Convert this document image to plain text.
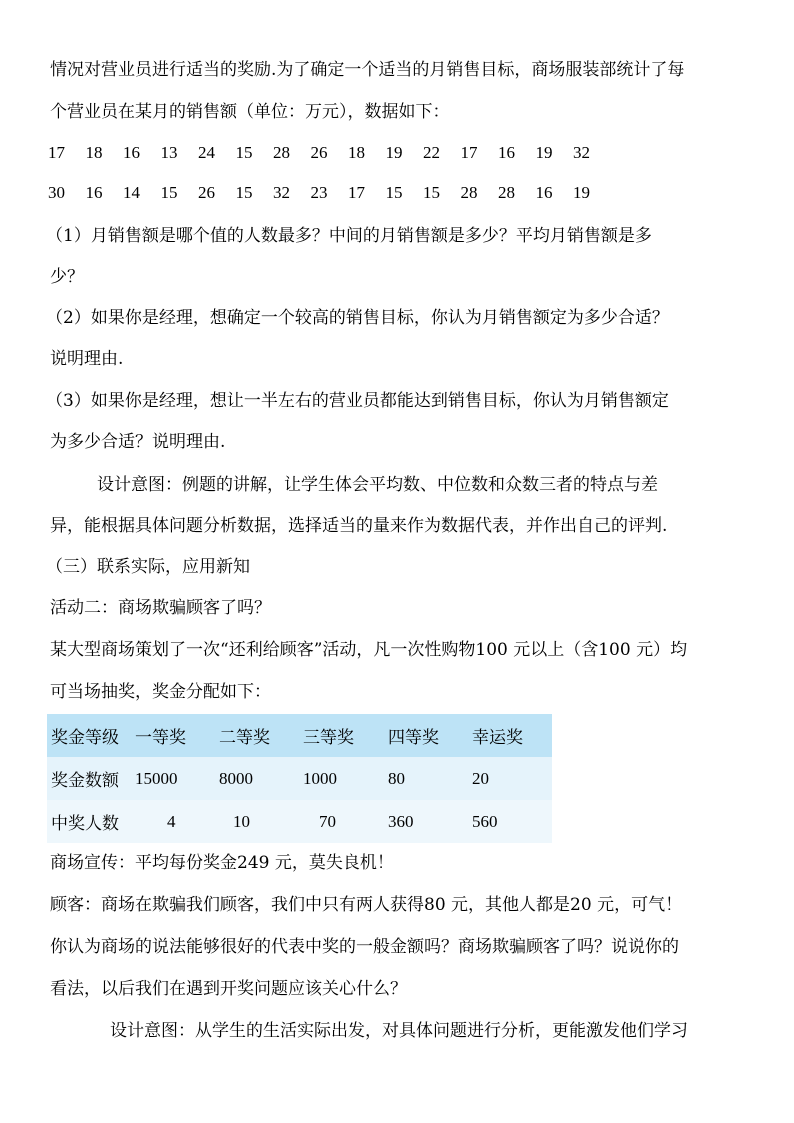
情况对营业员进行适当的奖励.为了确定一个适当的月销售目标，商场服装部统计了每
个营业员在某月的销售额（单位：万元），数据如下：
17	18	16	13	24	15	28	26	18	19	22	17	16	19	32
30	16	14	15	26	15	32	23	17	15	15	28	28	16	19
（1）月销售额是哪个值的人数最多？中间的月销售额是多少？平均月销售额是多
少？
（2）如果你是经理，想确定一个较高的销售目标，你认为月销售额定为多少合适？
说明理由.
（3）如果你是经理，想让一半左右的营业员都能达到销售目标，你认为月销售额定
为多少合适？说明理由.
设计意图：例题的讲解，让学生体会平均数、中位数和众数三者的特点与差
异，能根据具体问题分析数据，选择适当的量来作为数据代表，并作出自己的评判.
（三）联系实际，应用新知
活动二：商场欺骗顾客了吗？
某大型商场策划了一次“还利给顾客”活动，凡一次性购物100 元以上（含100 元）均
可当场抽奖，奖金分配如下：
奖金等级	一等奖	二等奖	三等奖	四等奖	幸运奖
奖金数额	15000	8000	1000	80	20
中奖人数	4	10	70	360	560
商场宣传：平均每份奖金249 元，莫失良机！
顾客：商场在欺骗我们顾客，我们中只有两人获得80 元，其他人都是20 元，可气！
你认为商场的说法能够很好的代表中奖的一般金额吗？商场欺骗顾客了吗？说说你的
看法，以后我们在遇到开奖问题应该关心什么？
设计意图：从学生的生活实际出发，对具体问题进行分析，更能激发他们学习
